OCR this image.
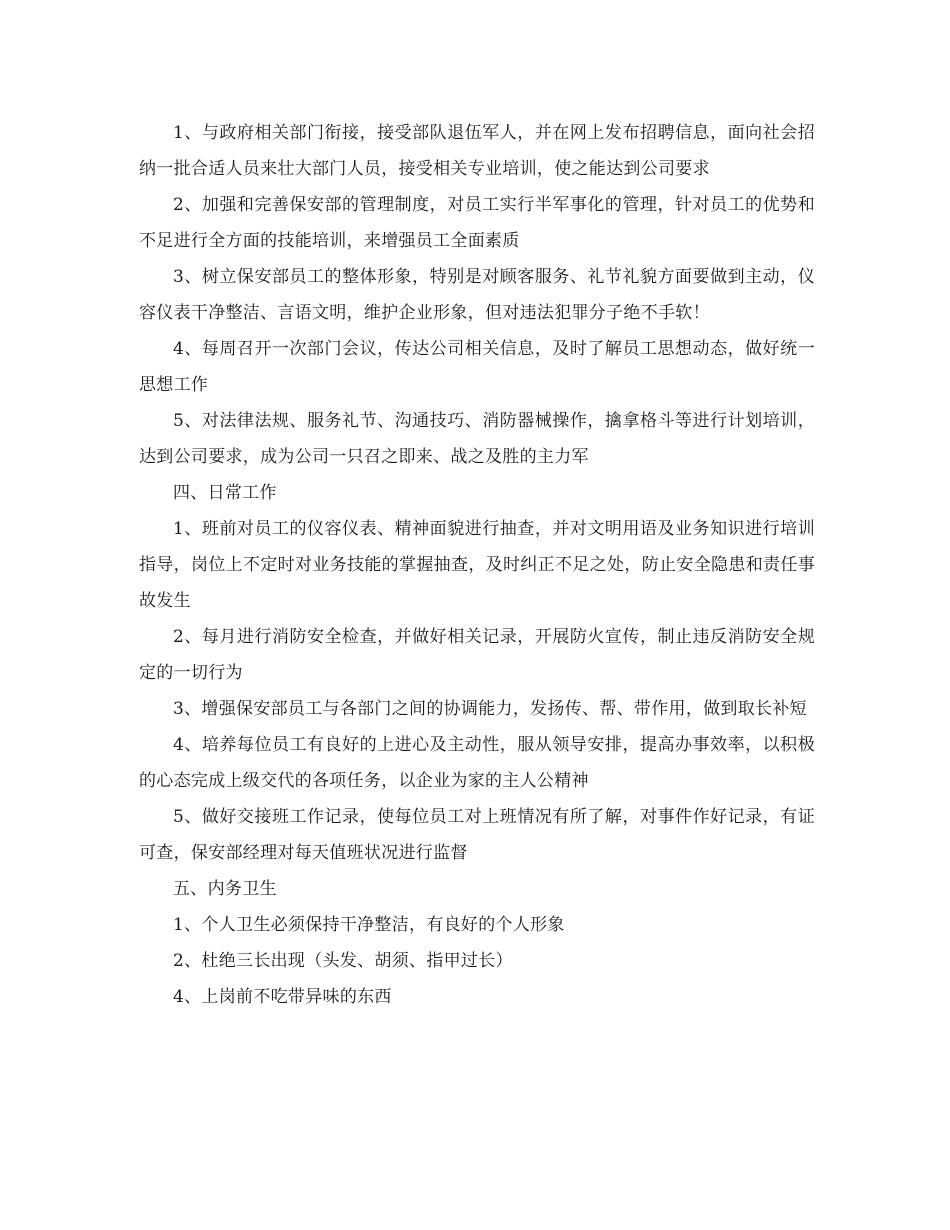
1、与政府相关部门衔接，接受部队退伍军人，并在网上发布招聘信息，面向社会招纳一批合适人员来壮大部门人员，接受相关专业培训，使之能达到公司要求

2、加强和完善保安部的管理制度，对员工实行半军事化的管理，针对员工的优势和不足进行全方面的技能培训，来增强员工全面素质

3、树立保安部员工的整体形象，特别是对顾客服务、礼节礼貌方面要做到主动，仪容仪表干净整洁、言语文明，维护企业形象，但对违法犯罪分子绝不手软！

4、每周召开一次部门会议，传达公司相关信息，及时了解员工思想动态，做好统一思想工作

5、对法律法规、服务礼节、沟通技巧、消防器械操作，擒拿格斗等进行计划培训，达到公司要求，成为公司一只召之即来、战之及胜的主力军

四、日常工作

1、班前对员工的仪容仪表、精神面貌进行抽查，并对文明用语及业务知识进行培训指导，岗位上不定时对业务技能的掌握抽查，及时纠正不足之处，防止安全隐患和责任事故发生

2、每月进行消防安全检查，并做好相关记录，开展防火宣传，制止违反消防安全规定的一切行为

3、增强保安部员工与各部门之间的协调能力，发扬传、帮、带作用，做到取长补短

4、培养每位员工有良好的上进心及主动性，服从领导安排，提高办事效率，以积极的心态完成上级交代的各项任务，以企业为家的主人公精神

5、做好交接班工作记录，使每位员工对上班情况有所了解，对事件作好记录，有证可查，保安部经理对每天值班状况进行监督

五、内务卫生

1、个人卫生必须保持干净整洁，有良好的个人形象

2、杜绝三长出现（头发、胡须、指甲过长）

4、上岗前不吃带异味的东西
